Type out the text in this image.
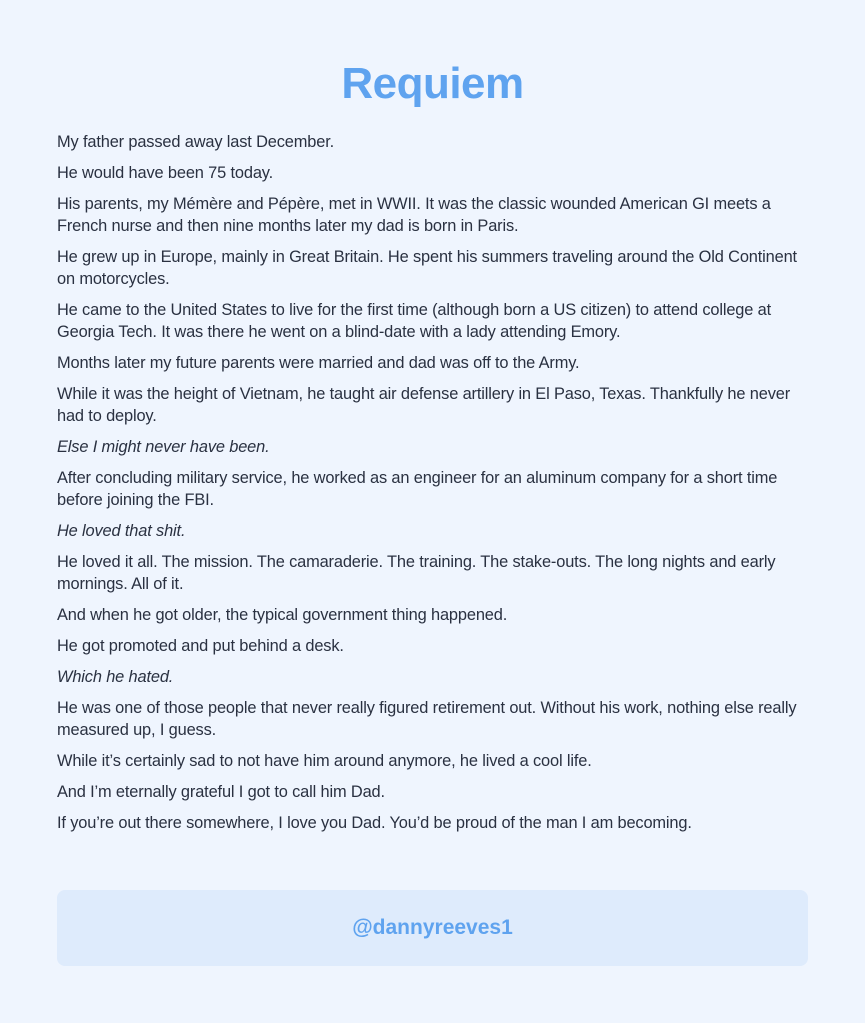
Requiem

My father passed away last December.

He would have been 75 today.

His parents, my Mémère and Pépère, met in WWII. It was the classic wounded American GI meets a French nurse and then nine months later my dad is born in Paris.

He grew up in Europe, mainly in Great Britain. He spent his summers traveling around the Old Continent on motorcycles.

He came to the United States to live for the first time (although born a US citizen) to attend college at Georgia Tech. It was there he went on a blind-date with a lady attending Emory.

Months later my future parents were married and dad was off to the Army.

While it was the height of Vietnam, he taught air defense artillery in El Paso, Texas. Thankfully he never had to deploy.

Else I might never have been.

After concluding military service, he worked as an engineer for an aluminum company for a short time before joining the FBI.

He loved that shit.

He loved it all. The mission. The camaraderie. The training. The stake-outs. The long nights and early mornings. All of it.

And when he got older, the typical government thing happened.

He got promoted and put behind a desk.

Which he hated.

He was one of those people that never really figured retirement out. Without his work, nothing else really measured up, I guess.

While it’s certainly sad to not have him around anymore, he lived a cool life.

And I’m eternally grateful I got to call him Dad.

If you’re out there somewhere, I love you Dad. You’d be proud of the man I am becoming.

@dannyreeves1
